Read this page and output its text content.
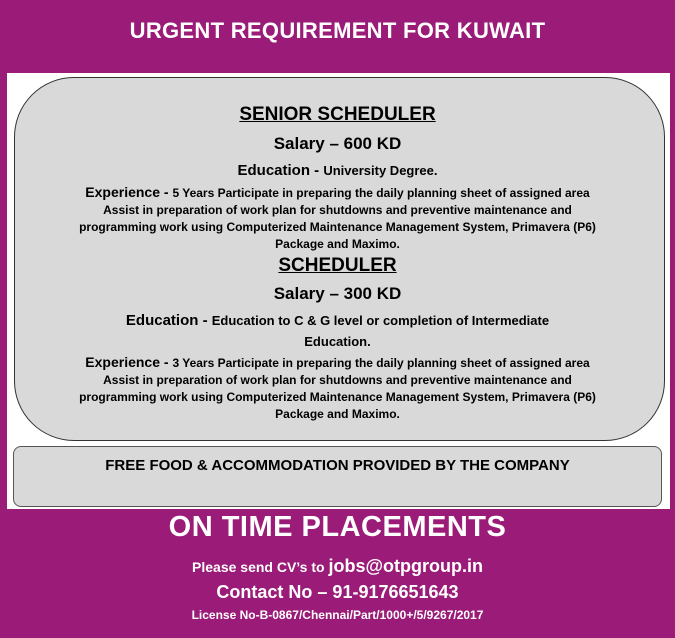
URGENT REQUIREMENT FOR KUWAIT
SENIOR SCHEDULER
Salary – 600 KD
Education - University Degree.
Experience - 5 Years Participate in preparing the daily planning sheet of assigned area
Assist in preparation of work plan for shutdowns and preventive maintenance and
programming work using Computerized Maintenance Management System, Primavera (P6)
Package and Maximo.
SCHEDULER
Salary – 300 KD
Education - Education to C & G level or completion of Intermediate
Education.
Experience - 3 Years Participate in preparing the daily planning sheet of assigned area
Assist in preparation of work plan for shutdowns and preventive maintenance and
programming work using Computerized Maintenance Management System, Primavera (P6)
Package and Maximo.
FREE FOOD & ACCOMMODATION PROVIDED BY THE COMPANY
ON TIME PLACEMENTS
Please send CV’s to jobs@otpgroup.in
Contact No – 91-9176651643
License No-B-0867/Chennai/Part/1000+/5/9267/2017
